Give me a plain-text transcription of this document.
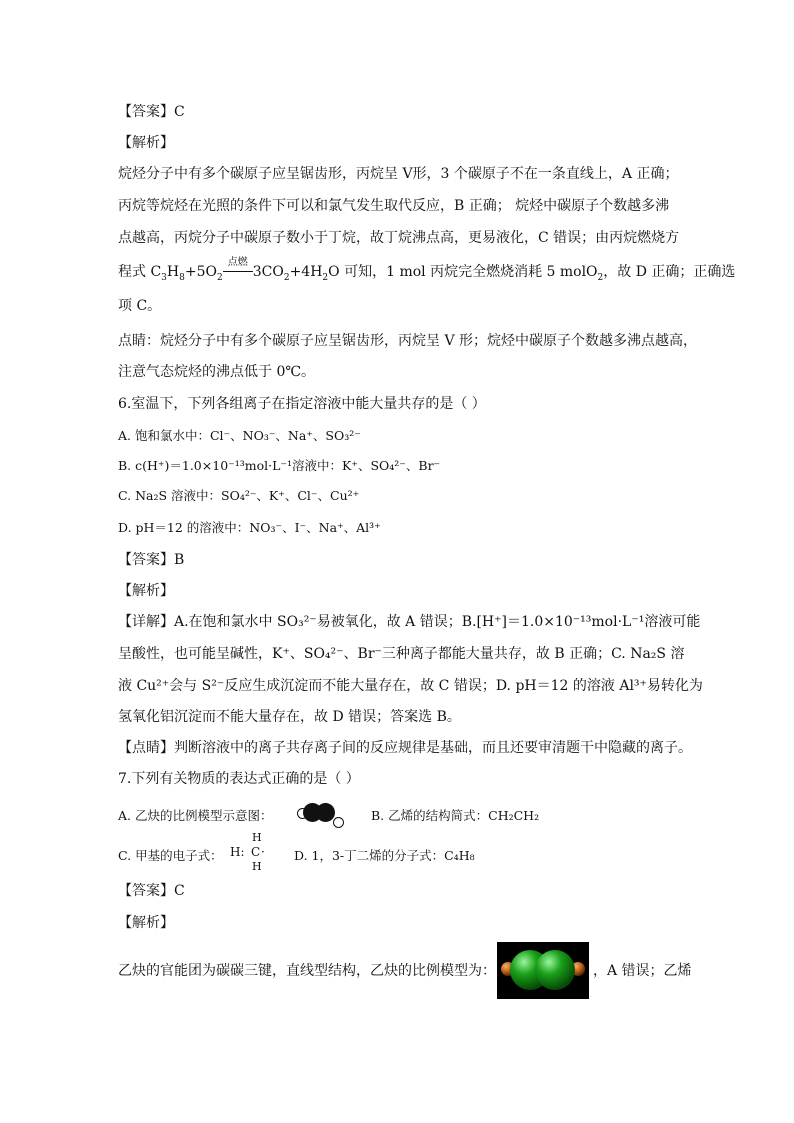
【答案】C
【解析】
烷烃分子中有多个碳原子应呈锯齿形，丙烷呈 V形，3 个碳原子不在一条直线上，A 正确；
丙烷等烷烃在光照的条件下可以和氯气发生取代反应，B 正确； 烷烃中碳原子个数越多沸
点越高，丙烷分子中碳原子数小于丁烷，故丁烷沸点高，更易液化，C 错误；由丙烷燃烧方
程式 $C_3H_8+5O_2$
点燃
$3CO_2+4H_2O$ 可知，1 mol 丙烷完全燃烧消耗 5 molO$_2$，故 D 正确；正确选
项 C。
点睛：烷烃分子中有多个碳原子应呈锯齿形，丙烷呈 V 形；烷烃中碳原子个数越多沸点越高，
注意气态烷烃的沸点低于 0℃。
6.室温下，下列各组离子在指定溶液中能大量共存的是（ ）
A. 饱和氯水中：Cl⁻、NO₃⁻、Na⁺、SO₃²⁻
B. c(H⁺)＝1.0×10⁻¹³mol·L⁻¹溶液中：K⁺、SO₄²⁻、Br⁻
C. Na₂S 溶液中：SO₄²⁻、K⁺、Cl⁻、Cu²⁺
D. pH＝12 的溶液中：NO₃⁻、I⁻、Na⁺、Al³⁺
【答案】B
【解析】
【详解】A.在饱和氯水中 SO₃²⁻易被氧化，故 A 错误；B.[H⁺]＝1.0×10⁻¹³mol·L⁻¹溶液可能
呈酸性，也可能呈碱性，K⁺、SO₄²⁻、Br⁻三种离子都能大量共存，故 B 正确；C. Na₂S 溶
液 Cu²⁺会与 S²⁻反应生成沉淀而不能大量存在，故 C 错误；D. pH＝12 的溶液 Al³⁺易转化为
氢氧化铝沉淀而不能大量存在，故 D 错误；答案选 B。
【点睛】判断溶液中的离子共存离子间的反应规律是基础，而且还要审清题干中隐藏的离子。
7.下列有关物质的表达式正确的是（ ）
A. 乙炔的比例模型示意图：	B. 乙烯的结构简式：CH₂CH₂
C. 甲基的电子式：
H
H: C ·
H
D. 1，3-丁二烯的分子式：C₄H₈
【答案】C
【解析】
乙炔的官能团为碳碳三键，直线型结构，乙炔的比例模型为：	，A 错误；乙烯
